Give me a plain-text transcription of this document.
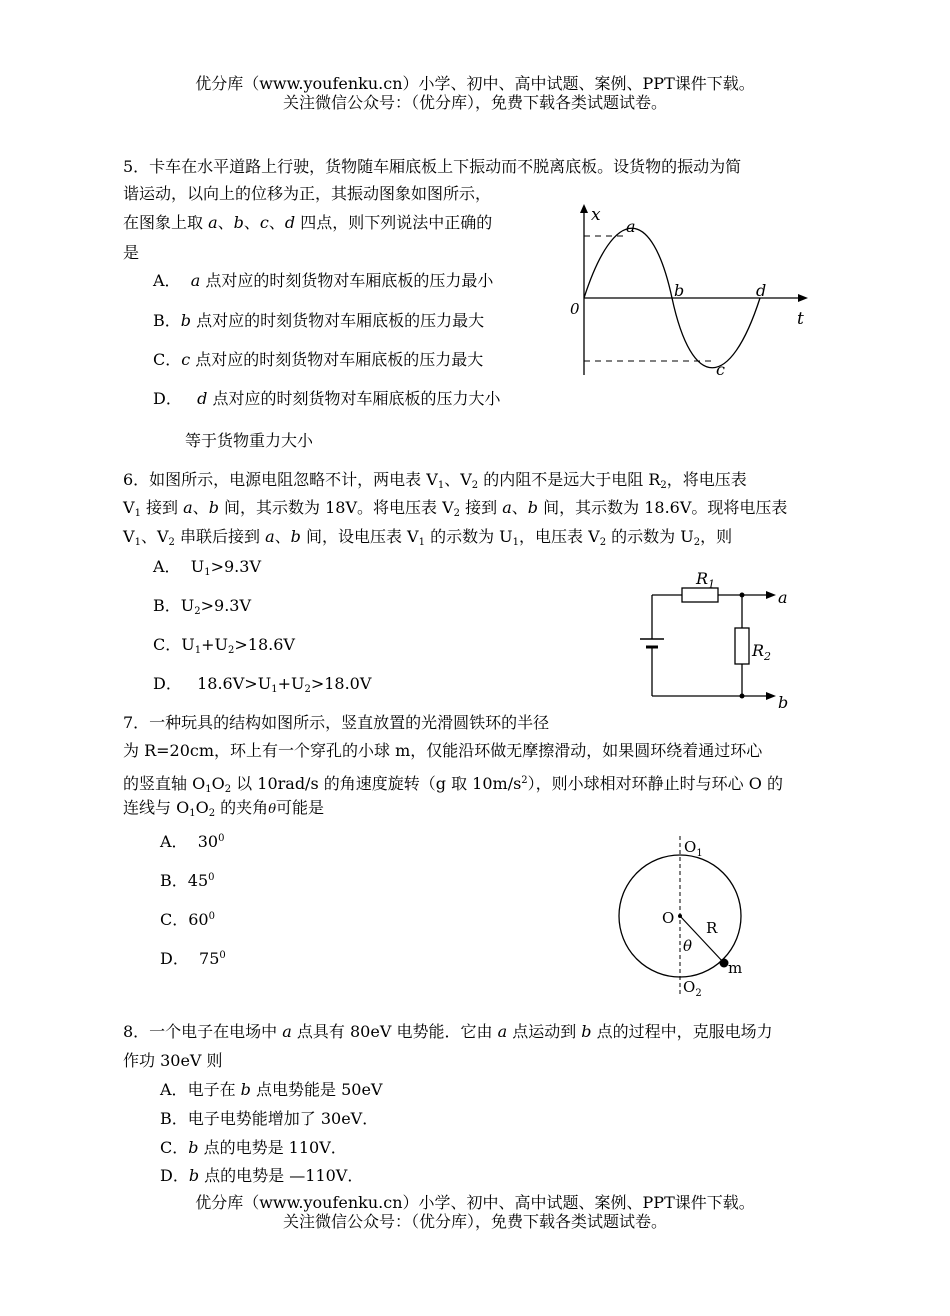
优分库（www.youfenku.cn）小学、初中、高中试题、案例、PPT课件下载。
关注微信公众号：（优分库），免费下载各类试题试卷。
5．卡车在水平道路上行驶，货物随车厢底板上下振动而不脱离底板。设货物的振动为简
谐运动，以向上的位移为正，其振动图象如图所示，
在图象上取 a、b、c、d 四点，则下列说法中正确的
是
A． a 点对应的时刻货物对车厢底板的压力最小
B．b 点对应的时刻货物对车厢底板的压力最大
C．c 点对应的时刻货物对车厢底板的压力最大
D． d 点对应的时刻货物对车厢底板的压力大小
等于货物重力大小
x
t
0
a
b
c
d
6．如图所示，电源电阻忽略不计，两电表 $V_1$、$V_2$ 的内阻不是远大于电阻 $R_2$，将电压表
$V_1$ 接到 a、b 间，其示数为 18V。将电压表 $V_2$ 接到 a、b 间，其示数为 18.6V。现将电压表
$V_1$、$V_2$ 串联后接到 a、b 间，设电压表 $V_1$ 的示数为 $U_1$，电压表 $V_2$ 的示数为 $U_2$，则
A． $U_1>9.3V$
B．$U_2>9.3V$
C．$U_1+U_2>18.6V$
D． $18.6V>U_1+U_2>18.0V$
$R_1$
$R_2$
a
b
7．一种玩具的结构如图所示，竖直放置的光滑圆铁环的半径
为 R=20cm，环上有一个穿孔的小球 m，仅能沿环做无摩擦滑动，如果圆环绕着通过环心
的竖直轴 $O_1O_2$ 以 10rad/s 的角速度旋转（g 取 $10m/s^2$），则小球相对环静止时与环心 O 的
连线与 $O_1O_2$ 的夹角θ可能是
A． $30^0$
B．$45^0$
C．$60^0$
D． $75^0$
$O_1$
$O_2$
O
R
θ
m
8．一个电子在电场中 a 点具有 80eV 电势能．它由 a 点运动到 b 点的过程中，克服电场力
作功 30eV 则
A．电子在 b 点电势能是 50eV
B．电子电势能增加了 30eV．
C．b 点的电势是 110V．
D．b 点的电势是 —110V．
优分库（www.youfenku.cn）小学、初中、高中试题、案例、PPT课件下载。
关注微信公众号：（优分库），免费下载各类试题试卷。
